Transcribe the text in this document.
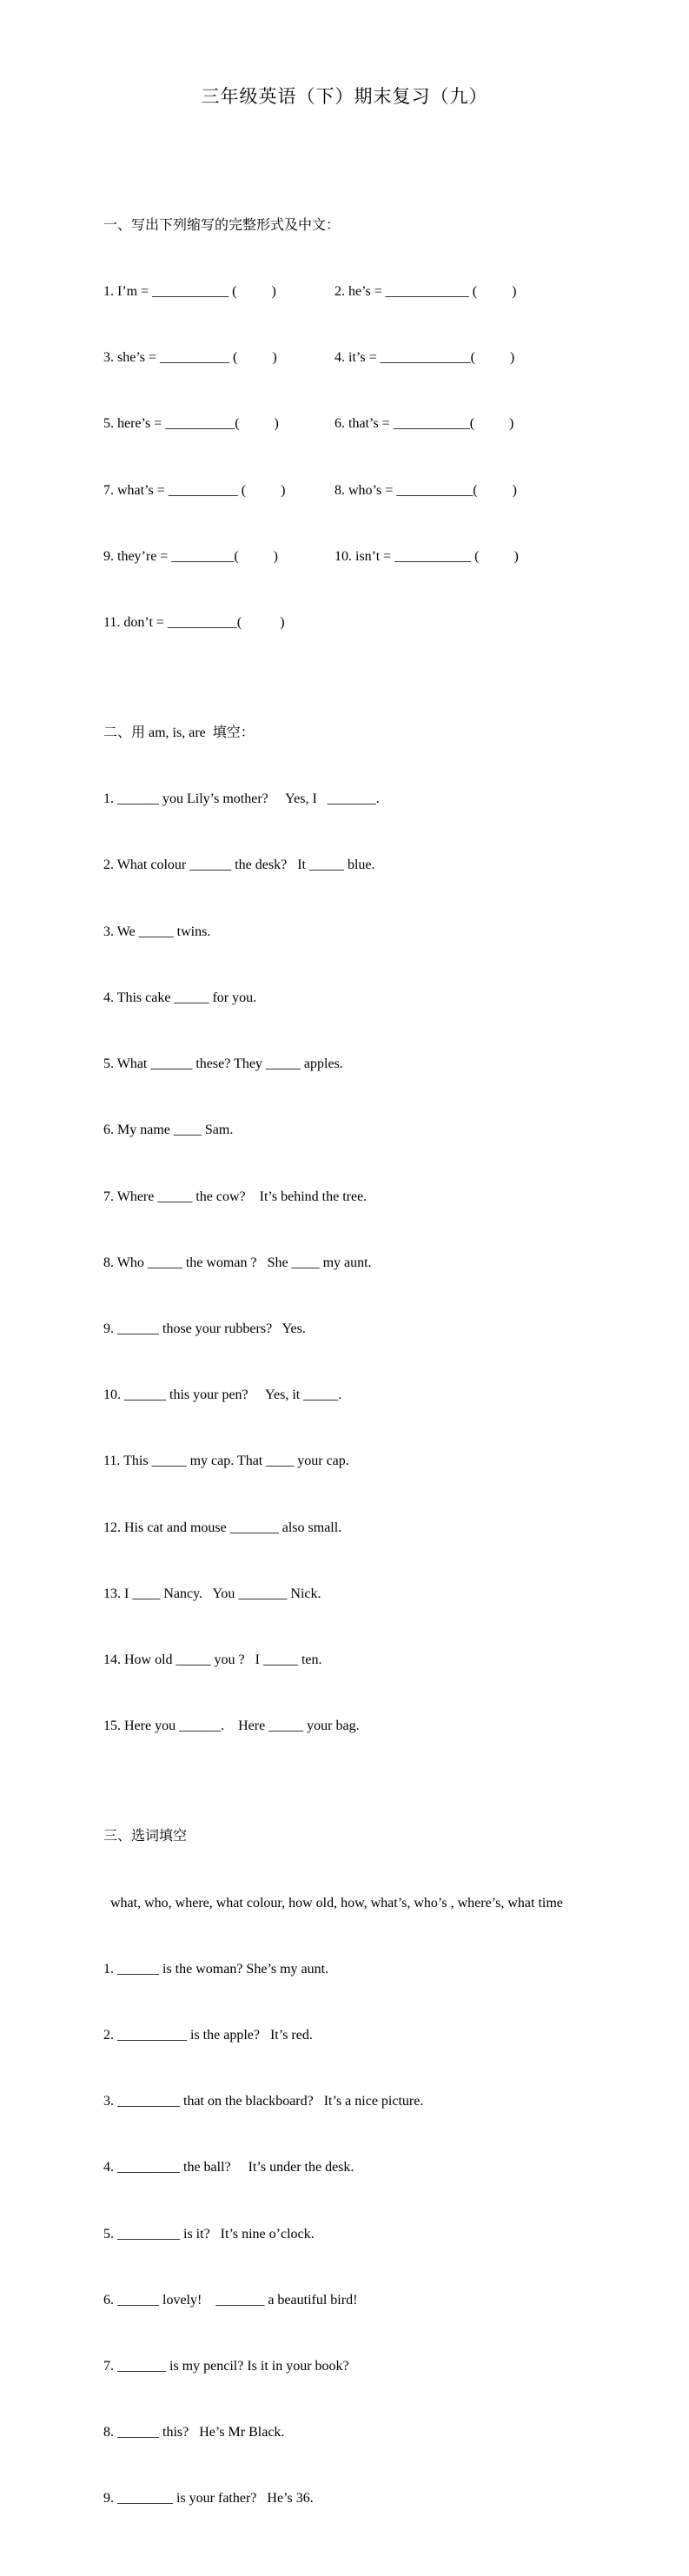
三年级英语（下）期末复习（九）

一、写出下列缩写的完整形式及中文：

1. I’m = ___________ (          )	2. he’s = ____________ (          )

3. she’s = __________ (          )	4. it’s = _____________(          )

5. here’s = __________(          )	6. that’s = ___________(          )

7. what’s = __________ (          )	8. who’s = ___________(          )

9. they’re = _________(          )	10. isn’t = ___________ (          )

11. don’t = __________(           )

二、用 am, is, are  填空：

1. ______ you Lily’s mother?     Yes, I   _______.

2. What colour ______ the desk?   It _____ blue.

3. We _____ twins.

4. This cake _____ for you.

5. What ______ these? They _____ apples.

6. My name ____ Sam.

7. Where _____ the cow?    It’s behind the tree.

8. Who _____ the woman ?   She ____ my aunt.

9. ______ those your rubbers?   Yes.

10. ______ this your pen?     Yes, it _____.

11. This _____ my cap. That ____ your cap.

12. His cat and mouse _______ also small.

13. I ____ Nancy.   You _______ Nick.

14. How old _____ you ?   I _____ ten.

15. Here you ______.    Here _____ your bag.

三、选词填空

what, who, where, what colour, how old, how, what’s, who’s , where’s, what time

1. ______ is the woman? She’s my aunt.

2. __________ is the apple?   It’s red.

3. _________ that on the blackboard?   It’s a nice picture.

4. _________ the ball?     It’s under the desk.

5. _________ is it?   It’s nine o’clock.

6. ______ lovely!    _______ a beautiful bird!

7. _______ is my pencil? Is it in your book?

8. ______ this?   He’s Mr Black.

9. ________ is your father?   He’s 36.
